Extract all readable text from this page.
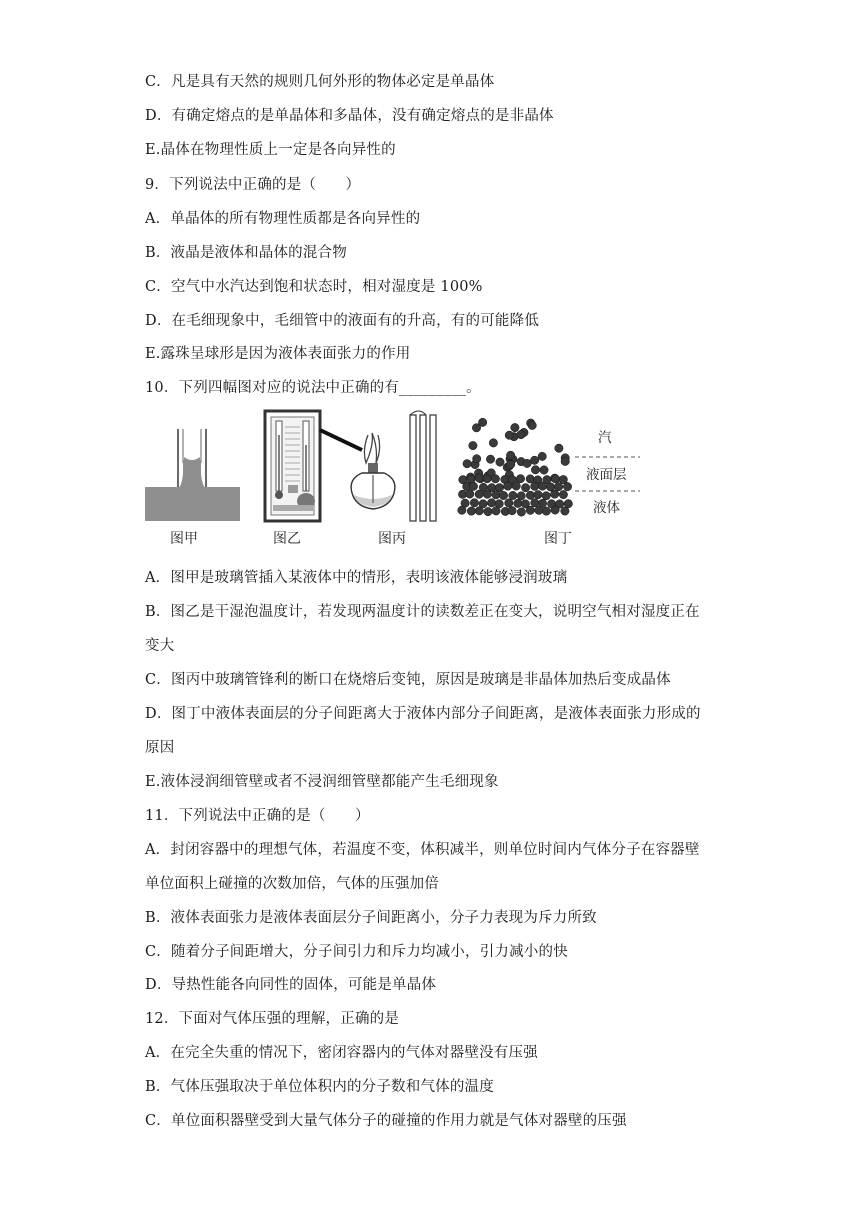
C．凡是具有天然的规则几何外形的物体必定是单晶体
D．有确定熔点的是单晶体和多晶体，没有确定熔点的是非晶体
E.晶体在物理性质上一定是各向异性的
9．下列说法中正确的是（　　）
A．单晶体的所有物理性质都是各向异性的
B．液晶是液体和晶体的混合物
C．空气中水汽达到饱和状态时，相对湿度是 100%
D．在毛细现象中，毛细管中的液面有的升高，有的可能降低
E.露珠呈球形是因为液体表面张力的作用
10．下列四幅图对应的说法中正确的有_________。
图甲	图乙	图丙
汽
液面层
液体
图丁
A．图甲是玻璃管插入某液体中的情形，表明该液体能够浸润玻璃
B．图乙是干湿泡温度计，若发现两温度计的读数差正在变大，说明空气相对湿度正在
变大
C．图丙中玻璃管锋利的断口在烧熔后变钝，原因是玻璃是非晶体加热后变成晶体
D．图丁中液体表面层的分子间距离大于液体内部分子间距离，是液体表面张力形成的
原因
E.液体浸润细管壁或者不浸润细管壁都能产生毛细现象
11．下列说法中正确的是（　　）
A．封闭容器中的理想气体，若温度不变，体积减半，则单位时间内气体分子在容器壁
单位面积上碰撞的次数加倍，气体的压强加倍
B．液体表面张力是液体表面层分子间距离小，分子力表现为斥力所致
C．随着分子间距增大，分子间引力和斥力均减小，引力减小的快
D．导热性能各向同性的固体，可能是单晶体
12．下面对气体压强的理解，正确的是
A．在完全失重的情况下，密闭容器内的气体对器壁没有压强
B．气体压强取决于单位体积内的分子数和气体的温度
C．单位面积器壁受到大量气体分子的碰撞的作用力就是气体对器壁的压强
